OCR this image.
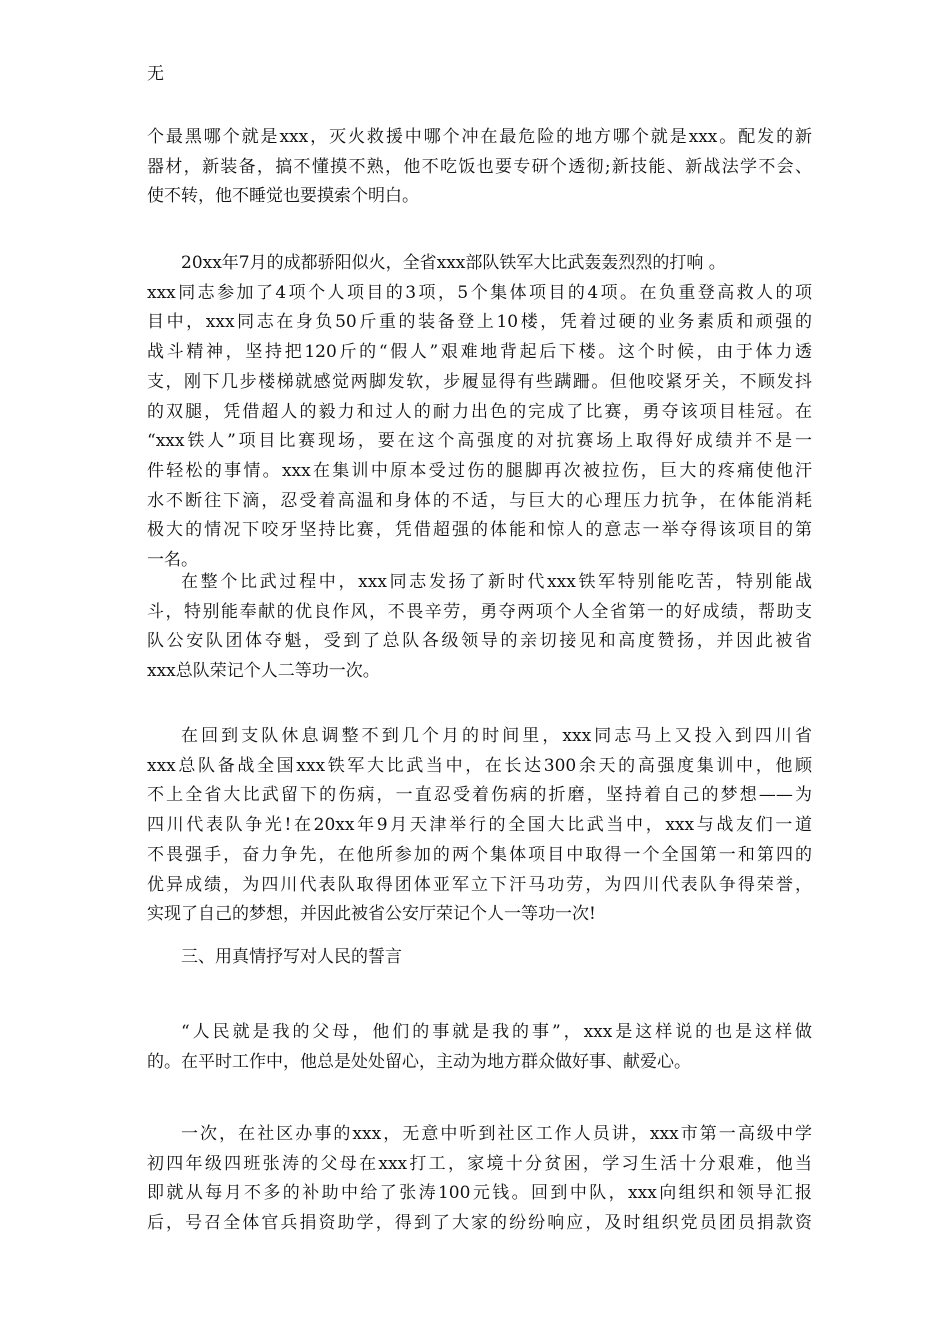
无
个最黑哪个就是xxx，灭火救援中哪个冲在最危险的地方哪个就是xxx。配发的新
器材，新装备，搞不懂摸不熟，他不吃饭也要专研个透彻;新技能、新战法学不会、
使不转，他不睡觉也要摸索个明白。
20xx年7月的成都骄阳似火，全省xxx部队铁军大比武轰轰烈烈的打响 。
xxx同志参加了4项个人项目的3项，5个集体项目的4项。在负重登高救人的项
目中，xxx同志在身负50斤重的装备登上10楼，凭着过硬的业务素质和顽强的
战斗精神，坚持把120斤的“假人”艰难地背起后下楼。这个时候，由于体力透
支，刚下几步楼梯就感觉两脚发软，步履显得有些蹒跚。但他咬紧牙关，不顾发抖
的双腿，凭借超人的毅力和过人的耐力出色的完成了比赛，勇夺该项目桂冠。在
“xxx铁人”项目比赛现场，要在这个高强度的对抗赛场上取得好成绩并不是一
件轻松的事情。xxx在集训中原本受过伤的腿脚再次被拉伤，巨大的疼痛使他汗
水不断往下滴，忍受着高温和身体的不适，与巨大的心理压力抗争，在体能消耗
极大的情况下咬牙坚持比赛，凭借超强的体能和惊人的意志一举夺得该项目的第
一名。
在整个比武过程中，xxx同志发扬了新时代xxx铁军特别能吃苦，特别能战
斗，特别能奉献的优良作风，不畏辛劳，勇夺两项个人全省第一的好成绩，帮助支
队公安队团体夺魁，受到了总队各级领导的亲切接见和高度赞扬，并因此被省
xxx总队荣记个人二等功一次。
在回到支队休息调整不到几个月的时间里，xxx同志马上又投入到四川省
xxx总队备战全国xxx铁军大比武当中，在长达300余天的高强度集训中，他顾
不上全省大比武留下的伤病，一直忍受着伤病的折磨，坚持着自己的梦想——为
四川代表队争光!在20xx年9月天津举行的全国大比武当中，xxx与战友们一道
不畏强手，奋力争先，在他所参加的两个集体项目中取得一个全国第一和第四的
优异成绩，为四川代表队取得团体亚军立下汗马功劳，为四川代表队争得荣誉，
实现了自己的梦想，并因此被省公安厅荣记个人一等功一次!
三、用真情抒写对人民的誓言
“人民就是我的父母，他们的事就是我的事”，xxx是这样说的也是这样做
的。在平时工作中，他总是处处留心，主动为地方群众做好事、献爱心。
一次，在社区办事的xxx，无意中听到社区工作人员讲，xxx市第一高级中学
初四年级四班张涛的父母在xxx打工，家境十分贫困，学习生活十分艰难，他当
即就从每月不多的补助中给了张涛100元钱。回到中队，xxx向组织和领导汇报
后，号召全体官兵捐资助学，得到了大家的纷纷响应，及时组织党员团员捐款资
